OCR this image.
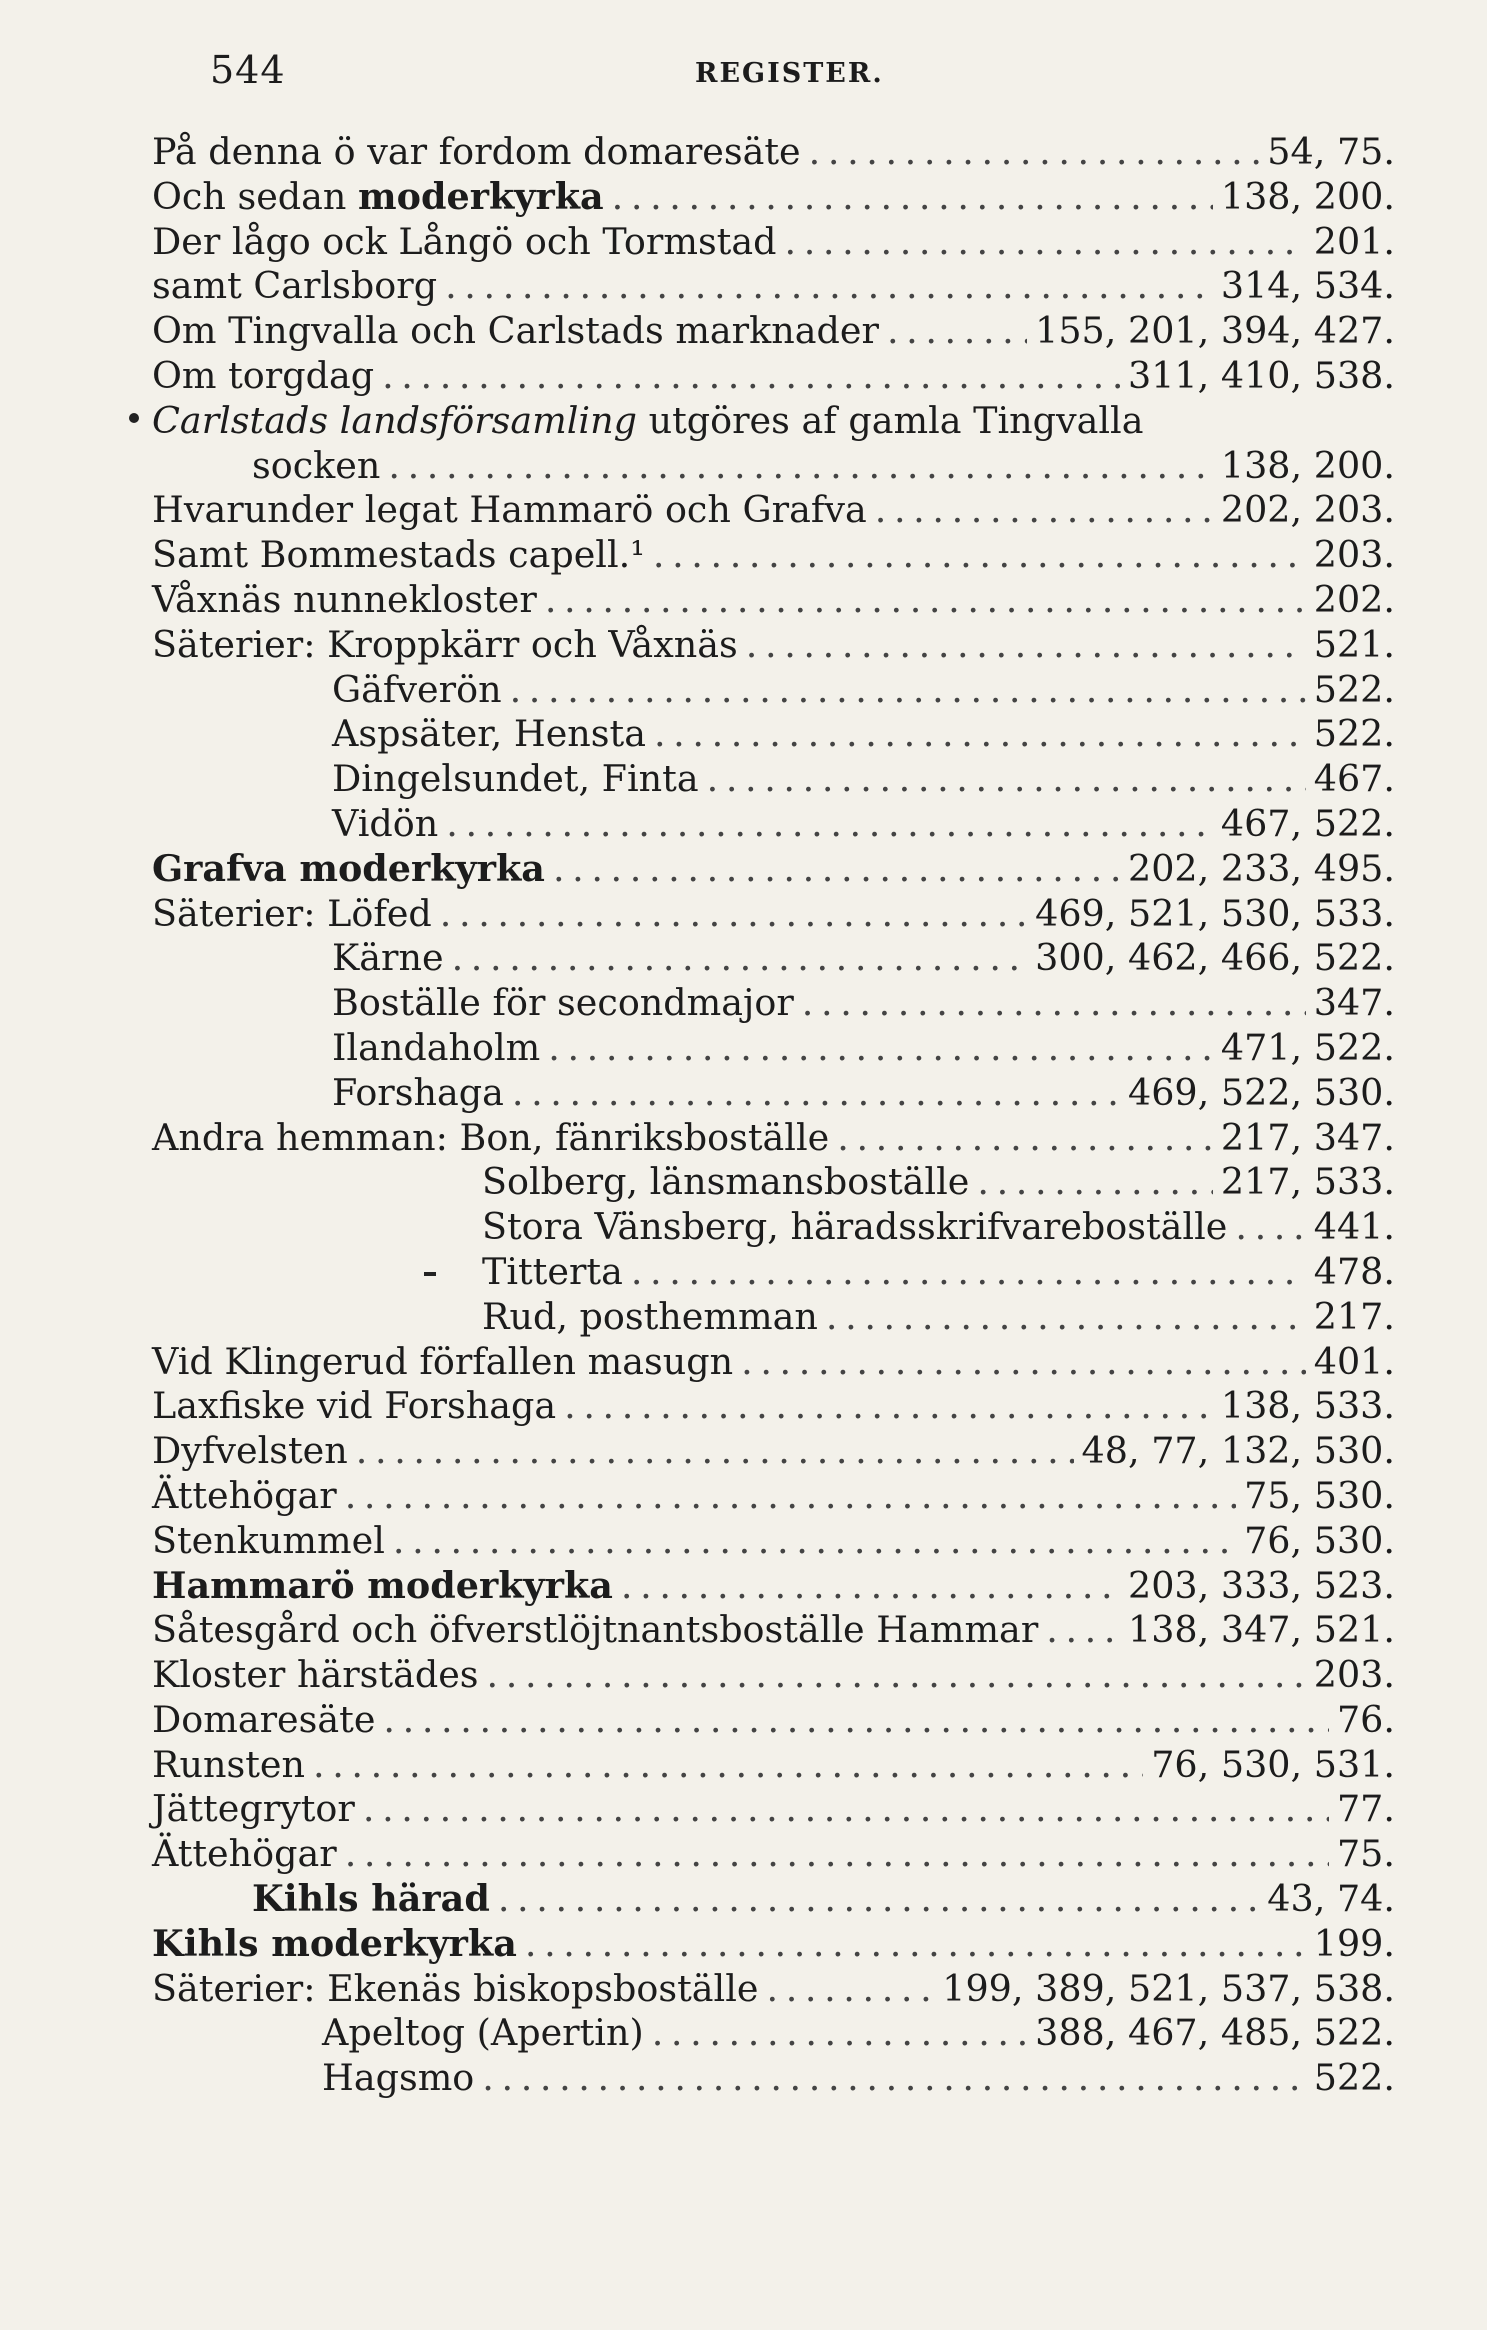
544	REGISTER.
På denna ö var fordom domaresäte . . .	54, 75.
Och sedan moderkyrka . . .	138, 200.
Der lågo ock Långö och Tormstad . . .	201.
samt Carlsborg . . .	314, 534.
Om Tingvalla och Carlstads marknader . . .	155, 201, 394, 427.
Om torgdag . . .	311, 410, 538.
Carlstads landsförsamling utgöres af gamla Tingvalla
socken . . .	138, 200.
Hvarunder legat Hammarö och Grafva . . .	202, 203.
Samt Bommestads capell.¹ . . .	203.
Våxnäs nunnekloster . . .	202.
Säterier: Kroppkärr och Våxnäs . . .	521.
Gäfverön . . .	522.
Aspsäter, Hensta . . .	522.
Dingelsundet, Finta . . .	467.
Vidön . . .	467, 522.
Grafva moderkyrka . . .	202, 233, 495.
Säterier: Löfed . . .	469, 521, 530, 533.
Kärne . . .	300, 462, 466, 522.
Boställe för secondmajor . . .	347.
Ilandaholm . . .	471, 522.
Forshaga . . .	469, 522, 530.
Andra hemman: Bon, fänriksboställe . . .	217, 347.
Solberg, länsmansboställe . . .	217, 533.
Stora Vänsberg, häradsskrifvareboställe . . . 441.
Titterta . . .	478.
Rud, posthemman . . .	217.
Vid Klingerud förfallen masugn . . .	401.
Laxfiske vid Forshaga . . .	138, 533.
Dyfvelsten . . .	48, 77, 132, 530.
Ättehögar . . .	75, 530.
Stenkummel . . .	76, 530.
Hammarö moderkyrka . . .	203, 333, 523.
Såtesgård och öfverstlöjtnantsboställe Hammar . . . 138, 347, 521.
Kloster härstädes . . .	203.
Domaresäte . . .	76.
Runsten . . .	76, 530, 531.
Jättegrytor . . .	77.
Ättehögar . . .	75.
Kihls härad . . .	43, 74.
Kihls moderkyrka . . .	199.
Säterier: Ekenäs biskopsboställe . . .	199, 389, 521, 537, 538.
Apeltog (Apertin) . . .	388, 467, 485, 522.
Hagsmo . . .	522.
